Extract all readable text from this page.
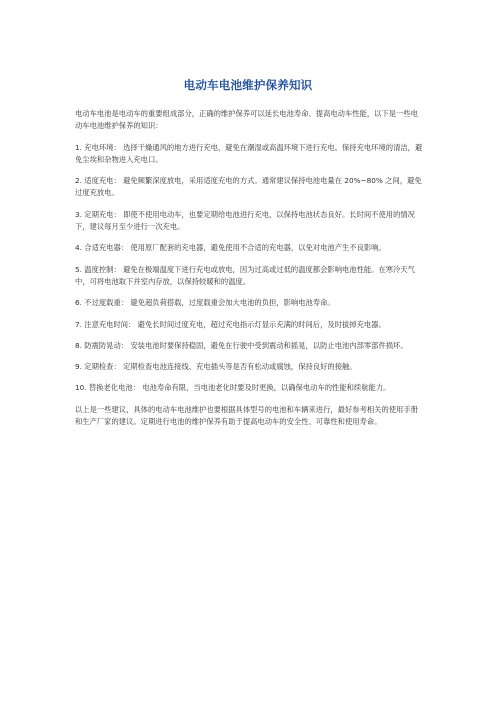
电动车电池维护保养知识

电动车电池是电动车的重要组成部分，正确的维护保养可以延长电池寿命、提高电动车性能，以下是一些电动车电池维护保养的知识：

1. 充电环境： 选择干燥通风的地方进行充电，避免在潮湿或高温环境下进行充电。保持充电环境的清洁，避免尘埃和杂物进入充电口。

2. 适度充电： 避免频繁深度放电，采用适度充电的方式。通常建议保持电池电量在 20%~80% 之间，避免过度充放电。

3. 定期充电： 即使不使用电动车，也要定期给电池进行充电，以保持电池状态良好。长时间不使用的情况下，建议每月至少进行一次充电。

4. 合适充电器： 使用原厂配套的充电器，避免使用不合适的充电器，以免对电池产生不良影响。

5. 温度控制： 避免在极端温度下进行充电或放电，因为过高或过低的温度都会影响电池性能。在寒冷天气中，可将电池取下并室内存放，以保持较暖和的温度。

6. 不过度载重： 避免超负荷搭载，过度载重会加大电池的负担，影响电池寿命。

7. 注意充电时间： 避免长时间过度充电，超过充电指示灯显示充满的时间后，及时拔掉充电器。

8. 防震防晃动： 安装电池时要保持稳固，避免在行驶中受到震动和摇晃，以防止电池内部零部件损坏。

9. 定期检查： 定期检查电池连接线、充电插头等是否有松动或腐蚀，保持良好的接触。

10. 替换老化电池： 电池寿命有限，当电池老化时要及时更换，以确保电动车的性能和续航能力。

以上是一些建议，具体的电动车电池维护也要根据具体型号的电池和车辆来进行，最好参考相关的使用手册和生产厂家的建议。定期进行电池的维护保养有助于提高电动车的安全性、可靠性和使用寿命。
